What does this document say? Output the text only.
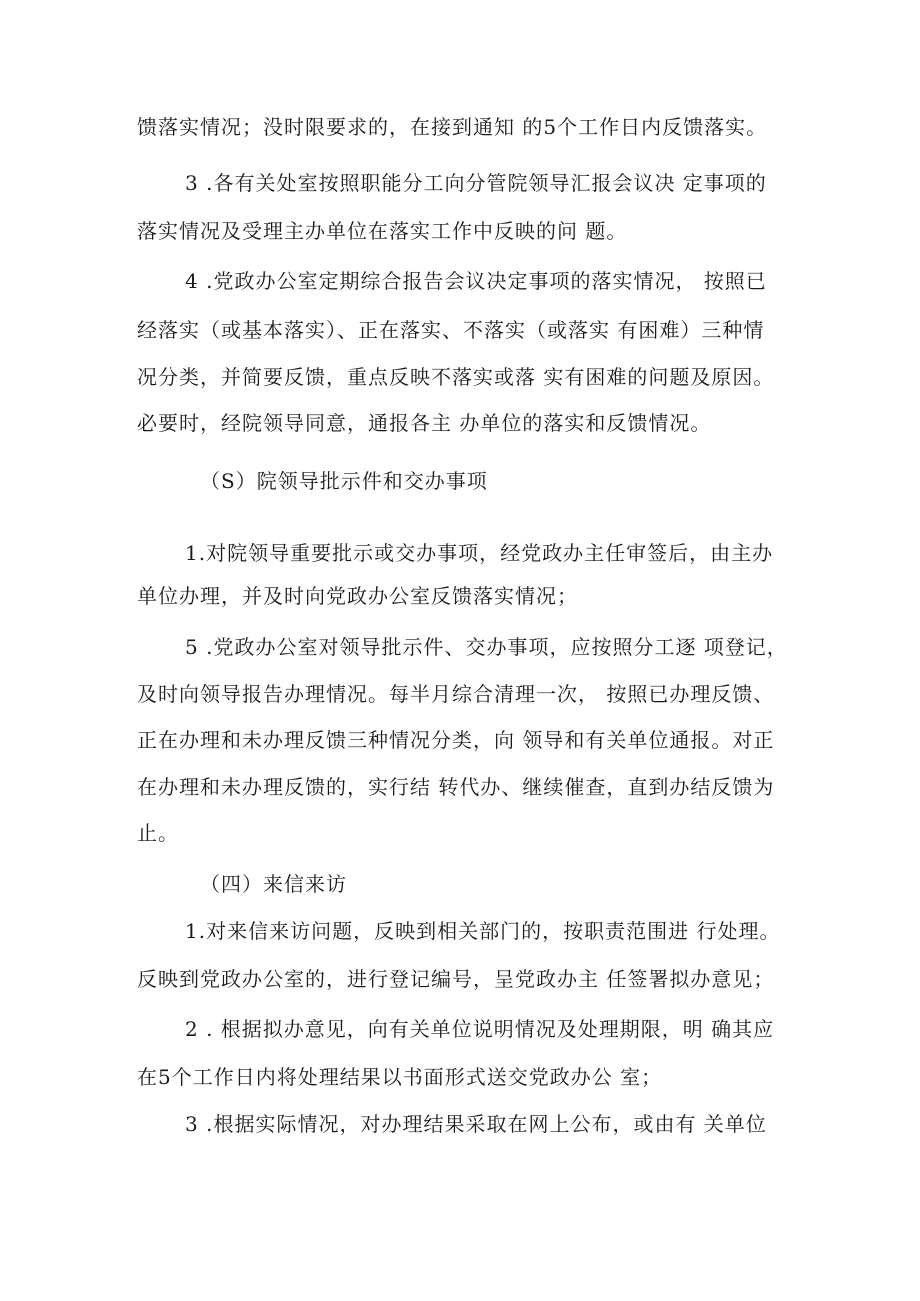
馈落实情况；没时限要求的，在接到通知 的5个工作日内反馈落实。
3 .各有关处室按照职能分工向分管院领导汇报会议决 定事项的
落实情况及受理主办单位在落实工作中反映的问 题。
4 .党政办公室定期综合报告会议决定事项的落实情况， 按照已
经落实（或基本落实）、正在落实、不落实（或落实 有困难）三种情
况分类，并简要反馈，重点反映不落实或落 实有困难的问题及原因。
必要时，经院领导同意，通报各主 办单位的落实和反馈情况。
（S）院领导批示件和交办事项
1.对院领导重要批示或交办事项，经党政办主任审签后，由主办
单位办理，并及时向党政办公室反馈落实情况；
5 .党政办公室对领导批示件、交办事项，应按照分工逐 项登记，
及时向领导报告办理情况。每半月综合清理一次， 按照已办理反馈、
正在办理和未办理反馈三种情况分类，向 领导和有关单位通报。对正
在办理和未办理反馈的，实行结 转代办、继续催查，直到办结反馈为
止。
（四）来信来访
1.对来信来访问题，反映到相关部门的，按职责范围进 行处理。
反映到党政办公室的，进行登记编号，呈党政办主 任签署拟办意见；
2 . 根据拟办意见，向有关单位说明情况及处理期限，明 确其应
在5个工作日内将处理结果以书面形式送交党政办公 室；
3 .根据实际情况，对办理结果采取在网上公布，或由有 关单位
